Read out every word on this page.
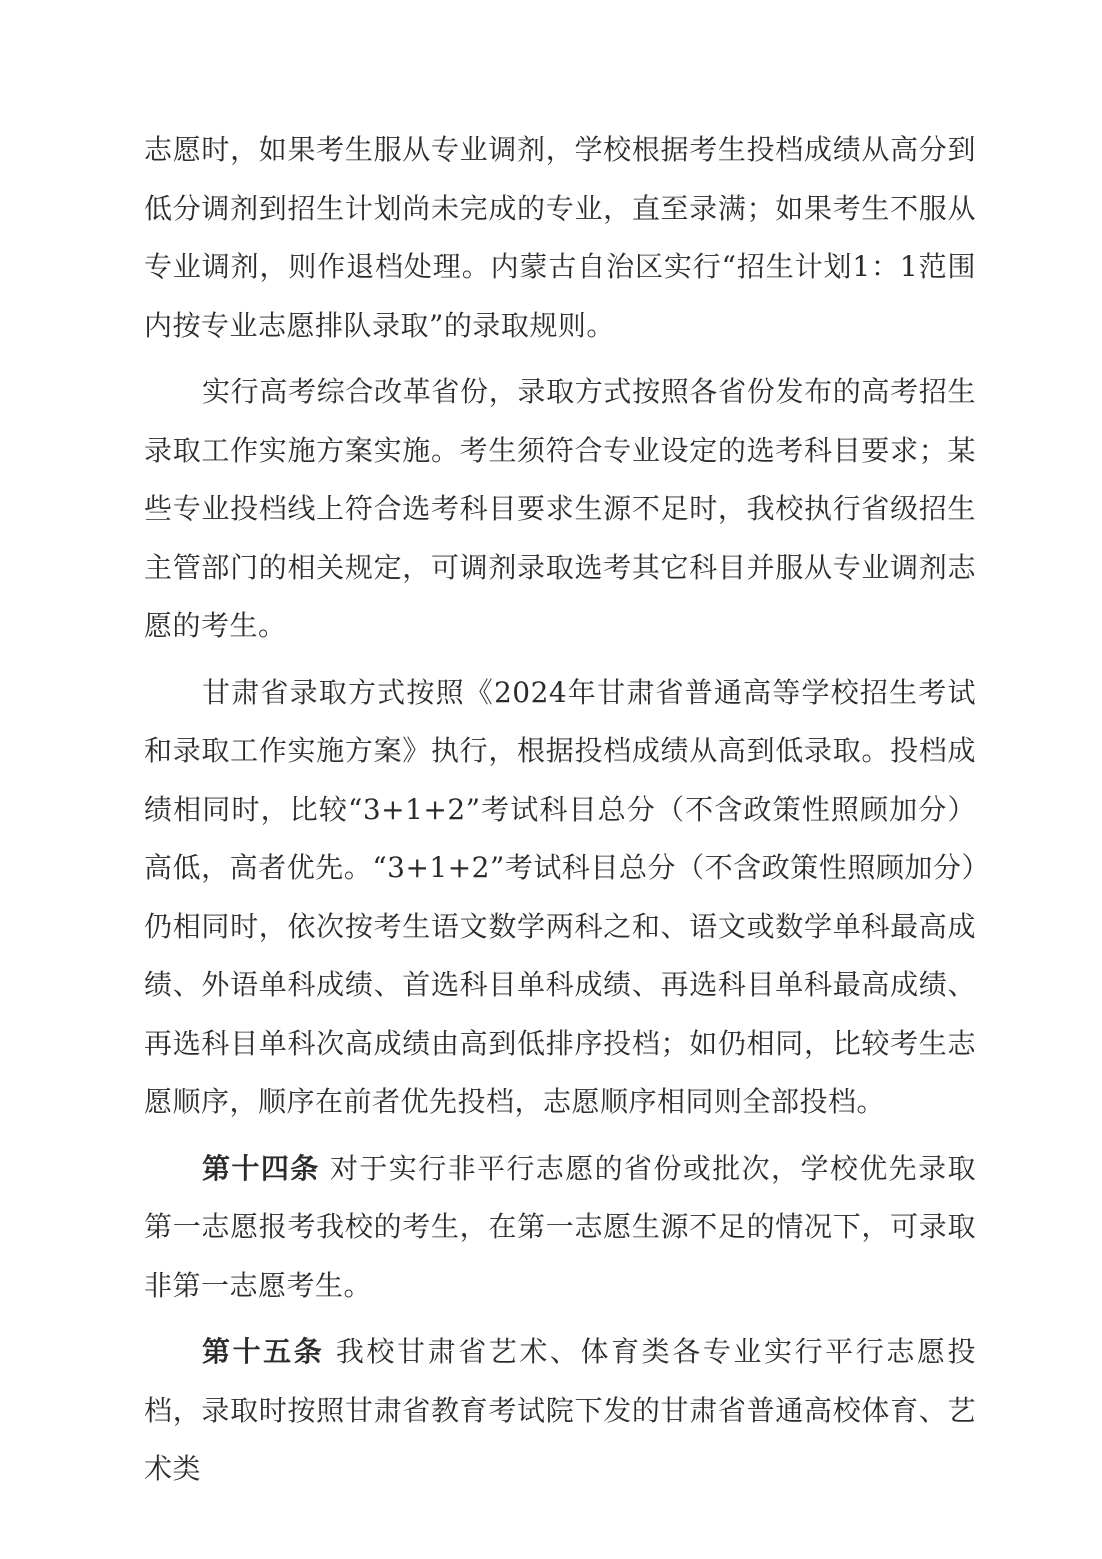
志愿时，如果考生服从专业调剂，学校根据考生投档成绩从高分到低分调剂到招生计划尚未完成的专业，直至录满；如果考生不服从专业调剂，则作退档处理。内蒙古自治区实行“招生计划1：1范围内按专业志愿排队录取”的录取规则。

实行高考综合改革省份，录取方式按照各省份发布的高考招生录取工作实施方案实施。考生须符合专业设定的选考科目要求；某些专业投档线上符合选考科目要求生源不足时，我校执行省级招生主管部门的相关规定，可调剂录取选考其它科目并服从专业调剂志愿的考生。

甘肃省录取方式按照《2024年甘肃省普通高等学校招生考试和录取工作实施方案》执行，根据投档成绩从高到低录取。投档成绩相同时，比较“3+1+2”考试科目总分（不含政策性照顾加分）高低，高者优先。“3+1+2”考试科目总分（不含政策性照顾加分）仍相同时，依次按考生语文数学两科之和、语文或数学单科最高成绩、外语单科成绩、首选科目单科成绩、再选科目单科最高成绩、再选科目单科次高成绩由高到低排序投档；如仍相同，比较考生志愿顺序，顺序在前者优先投档，志愿顺序相同则全部投档。

第十四条 对于实行非平行志愿的省份或批次，学校优先录取第一志愿报考我校的考生，在第一志愿生源不足的情况下，可录取非第一志愿考生。

第十五条 我校甘肃省艺术、体育类各专业实行平行志愿投档，录取时按照甘肃省教育考试院下发的甘肃省普通高校体育、艺术类
